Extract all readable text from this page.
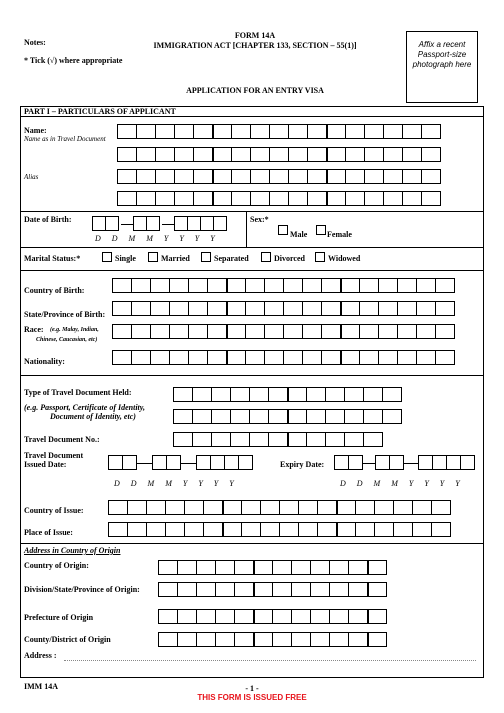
Notes:
* Tick (√) where appropriate
FORM 14A
IMMIGRATION ACT [CHAPTER 133, SECTION – 55(1)]
APPLICATION FOR AN ENTRY VISA
Affix a recent Passport-size photograph here
PART I – PARTICULARS OF APPLICANT
Name:
Name as in Travel Document
Alias
Date of Birth:
D D M M Y Y Y Y
Sex:*
Male Female
Marital Status:*	Single	Married	Separated	Divorced	Widowed
Country of Birth:
State/Province of Birth:
Race: (e.g. Malay, Indian,
Chinese, Caucasian, etc)
Nationality:
Type of Travel Document Held:
(e.g. Passport, Certificate of Identity,
Document of Identity, etc)
Travel Document No.:
Travel Document
Issued Date:
D D M M Y Y Y Y
Expiry Date:
D D M M Y Y Y Y
Country of Issue:
Place of Issue:
Address in Country of Origin
Country of Origin:
Division/State/Province of Origin:
Prefecture of Origin
County/District of Origin
Address :
IMM 14A	- 1 -
THIS FORM IS ISSUED FREE
